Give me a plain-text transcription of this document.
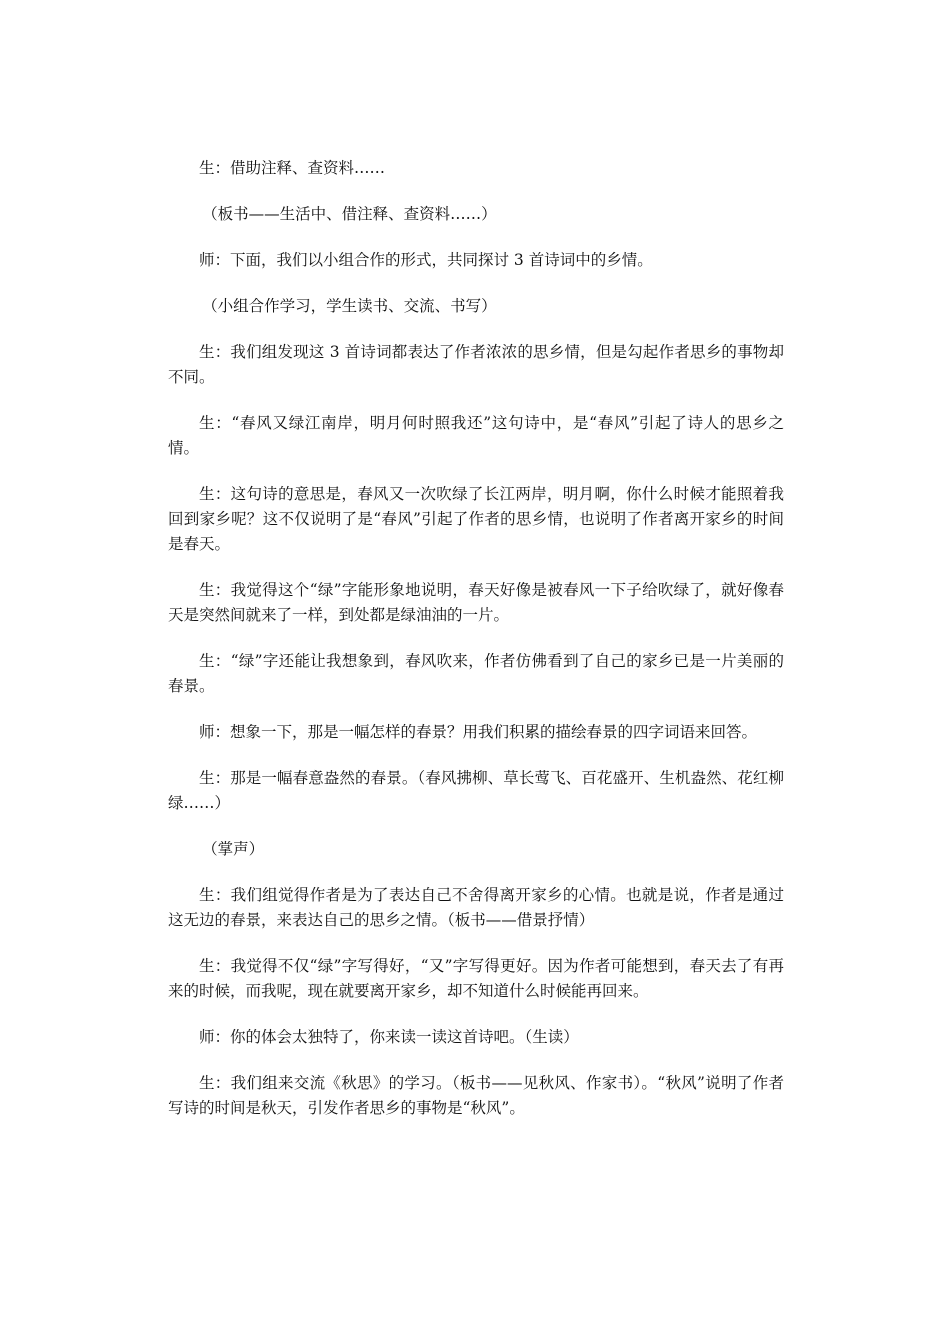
生：借助注释、查资料……

（板书——生活中、借注释、查资料……）

师：下面，我们以小组合作的形式，共同探讨 3 首诗词中的乡情。

（小组合作学习，学生读书、交流、书写）

生：我们组发现这 3 首诗词都表达了作者浓浓的思乡情，但是勾起作者思乡的事物却不同。

生：“春风又绿江南岸，明月何时照我还”这句诗中，是“春风”引起了诗人的思乡之情。

生：这句诗的意思是，春风又一次吹绿了长江两岸，明月啊，你什么时候才能照着我回到家乡呢？这不仅说明了是“春风”引起了作者的思乡情，也说明了作者离开家乡的时间是春天。

生：我觉得这个“绿”字能形象地说明，春天好像是被春风一下子给吹绿了，就好像春天是突然间就来了一样，到处都是绿油油的一片。

生：“绿”字还能让我想象到，春风吹来，作者仿佛看到了自己的家乡已是一片美丽的春景。

师：想象一下，那是一幅怎样的春景？用我们积累的描绘春景的四字词语来回答。

生：那是一幅春意盎然的春景。（春风拂柳、草长莺飞、百花盛开、生机盎然、花红柳绿……）

（掌声）

生：我们组觉得作者是为了表达自己不舍得离开家乡的心情。也就是说，作者是通过这无边的春景，来表达自己的思乡之情。（板书——借景抒情）

生：我觉得不仅“绿”字写得好，“又”字写得更好。因为作者可能想到，春天去了有再来的时候，而我呢，现在就要离开家乡，却不知道什么时候能再回来。

师：你的体会太独特了，你来读一读这首诗吧。（生读）

生：我们组来交流《秋思》的学习。（板书——见秋风、作家书）。“秋风”说明了作者写诗的时间是秋天，引发作者思乡的事物是“秋风”。
